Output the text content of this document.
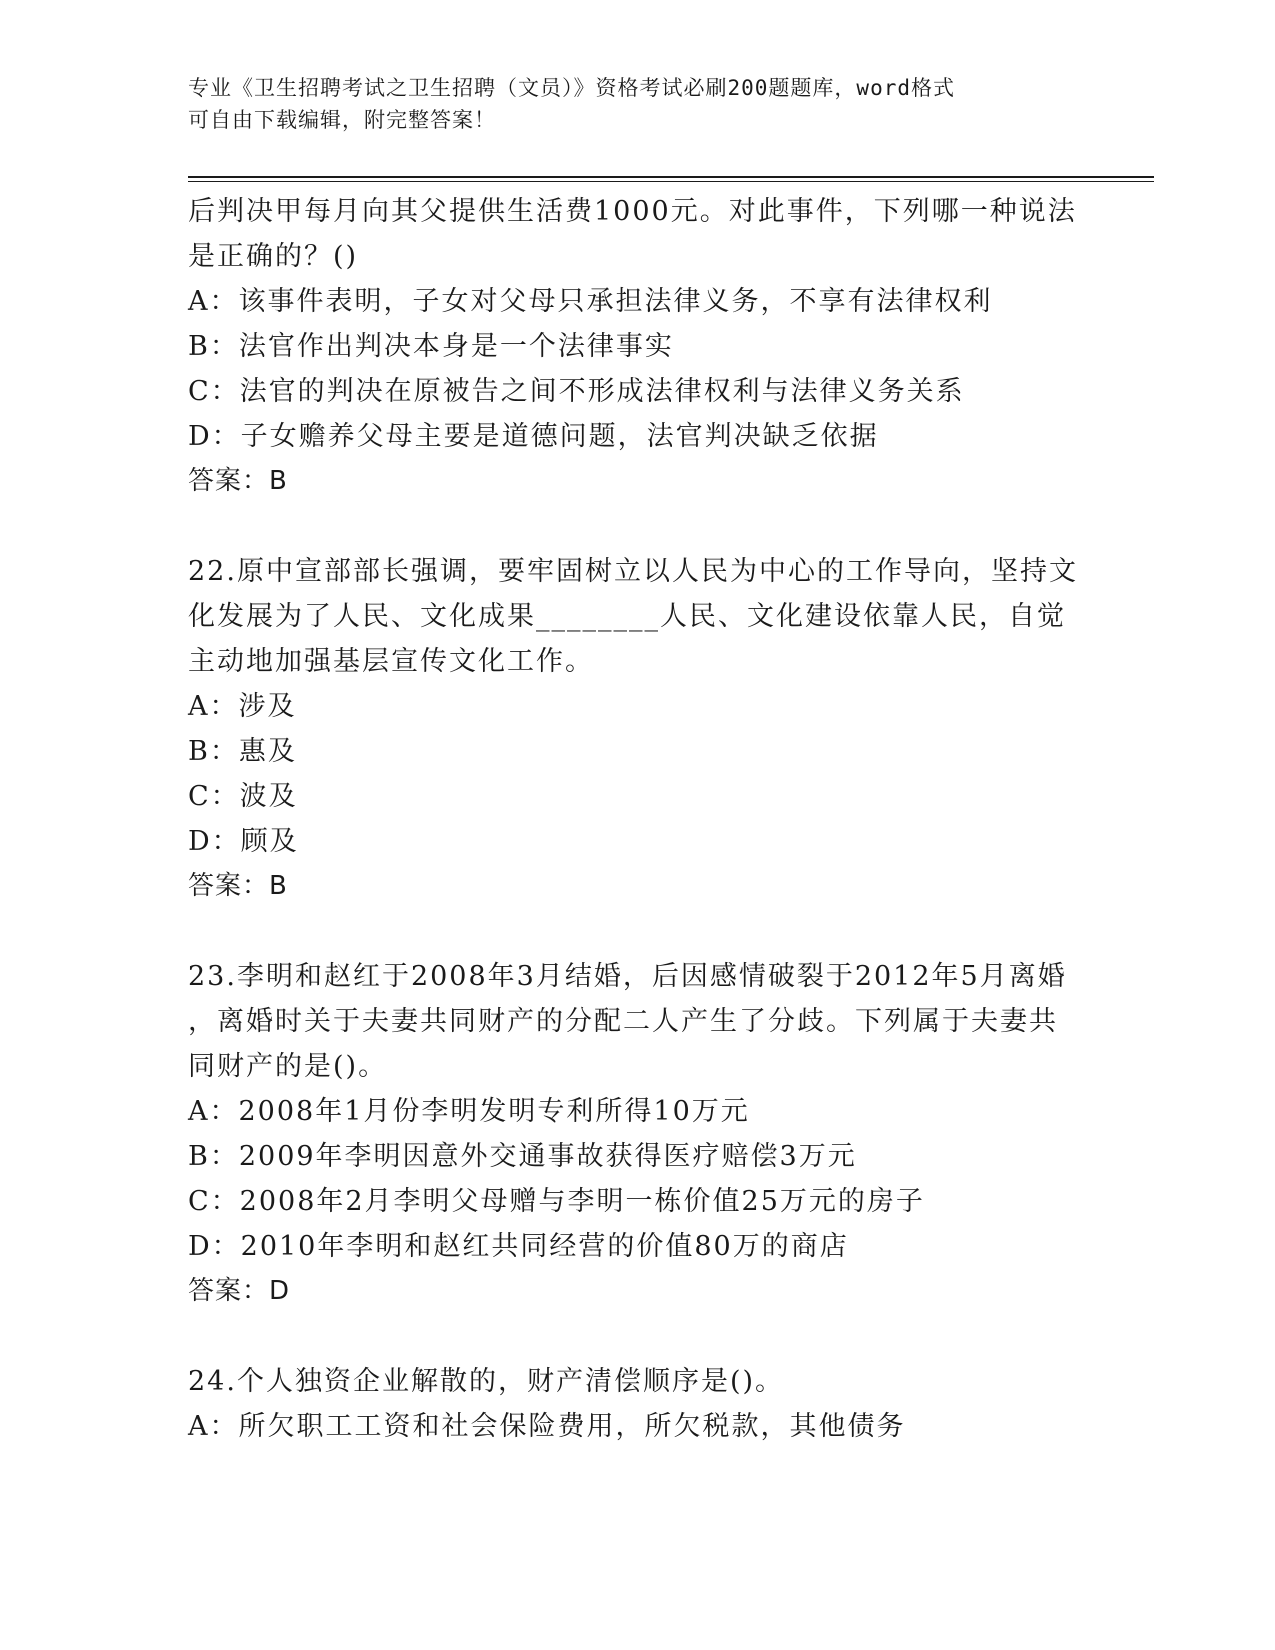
专业《卫生招聘考试之卫生招聘（文员）》资格考试必刷200题题库，word格式
可自由下载编辑，附完整答案！
后判决甲每月向其父提供生活费1000元。对此事件，下列哪一种说法
是正确的？()
A：该事件表明，子女对父母只承担法律义务，不享有法律权利
B：法官作出判决本身是一个法律事实
C：法官的判决在原被告之间不形成法律权利与法律义务关系
D：子女赡养父母主要是道德问题，法官判决缺乏依据
答案：B
22.原中宣部部长强调，要牢固树立以人民为中心的工作导向，坚持文
化发展为了人民、文化成果________人民、文化建设依靠人民，自觉
主动地加强基层宣传文化工作。
A：涉及
B：惠及
C：波及
D：顾及
答案：B
23.李明和赵红于2008年3月结婚，后因感情破裂于2012年5月离婚
，离婚时关于夫妻共同财产的分配二人产生了分歧。下列属于夫妻共
同财产的是()。
A：2008年1月份李明发明专利所得10万元
B：2009年李明因意外交通事故获得医疗赔偿3万元
C：2008年2月李明父母赠与李明一栋价值25万元的房子
D：2010年李明和赵红共同经营的价值80万的商店
答案：D
24.个人独资企业解散的，财产清偿顺序是()。
A：所欠职工工资和社会保险费用，所欠税款，其他债务
